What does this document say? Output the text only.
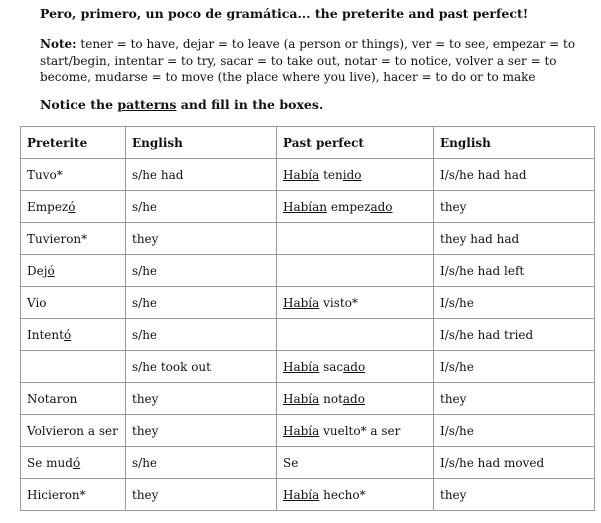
Pero, primero, un poco de gramática... the preterite and past perfect!
Note: tener = to have, dejar = to leave (a person or things), ver = to see, empezar = to start/begin, intentar = to try, sacar = to take out, notar = to notice, volver a ser = to become, mudarse = to move (the place where you live), hacer = to do or to make
Notice the patterns and fill in the boxes.
Preterite	English	Past perfect	English
Tuvo*	s/he had	Había tenido	I/s/he had had
Empezó	s/he	Habían empezado	they
Tuvieron*	they		they had had
Dejó	s/he		I/s/he had left
Vio	s/he	Había visto*	I/s/he
Intentó	s/he		I/s/he had tried
	s/he took out	Había sacado	I/s/he
Notaron	they	Había notado	they
Volvieron a ser	they	Había vuelto* a ser	I/s/he
Se mudó	s/he	Se	I/s/he had moved
Hicieron*	they	Había hecho*	they
